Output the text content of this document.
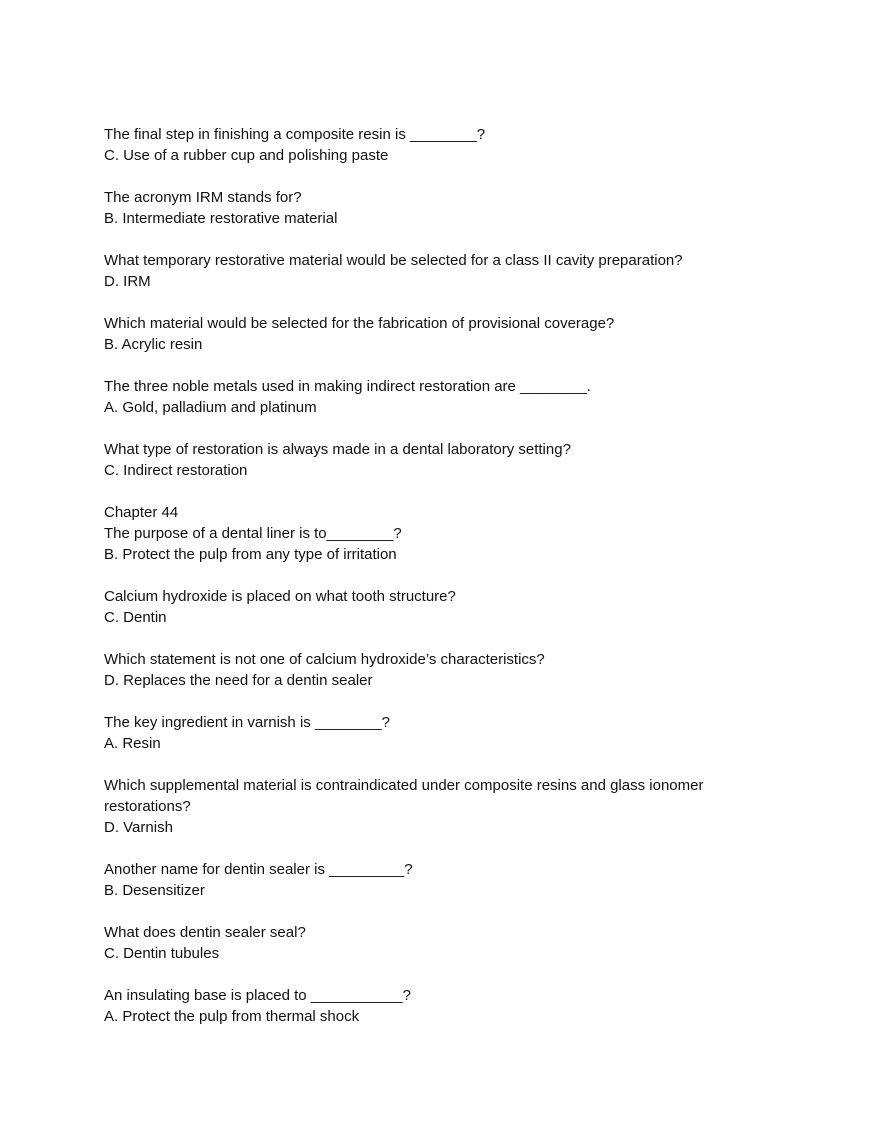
The final step in finishing a composite resin is ________?
C. Use of a rubber cup and polishing paste
The acronym IRM stands for?
B. Intermediate restorative material
What temporary restorative material would be selected for a class II cavity preparation?
D. IRM
Which material would be selected for the fabrication of provisional coverage?
B. Acrylic resin
The three noble metals used in making indirect restoration are ________.
A. Gold, palladium and platinum
What type of restoration is always made in a dental laboratory setting?
C. Indirect restoration
Chapter 44
The purpose of a dental liner is to________?
B. Protect the pulp from any type of irritation
Calcium hydroxide is placed on what tooth structure?
C. Dentin
Which statement is not one of calcium hydroxide’s characteristics?
D. Replaces the need for a dentin sealer
The key ingredient in varnish is ________?
A. Resin
Which supplemental material is contraindicated under composite resins and glass ionomer restorations?
D. Varnish
Another name for dentin sealer is _________?
B. Desensitizer
What does dentin sealer seal?
C. Dentin tubules
An insulating base is placed to ___________?
A. Protect the pulp from thermal shock
